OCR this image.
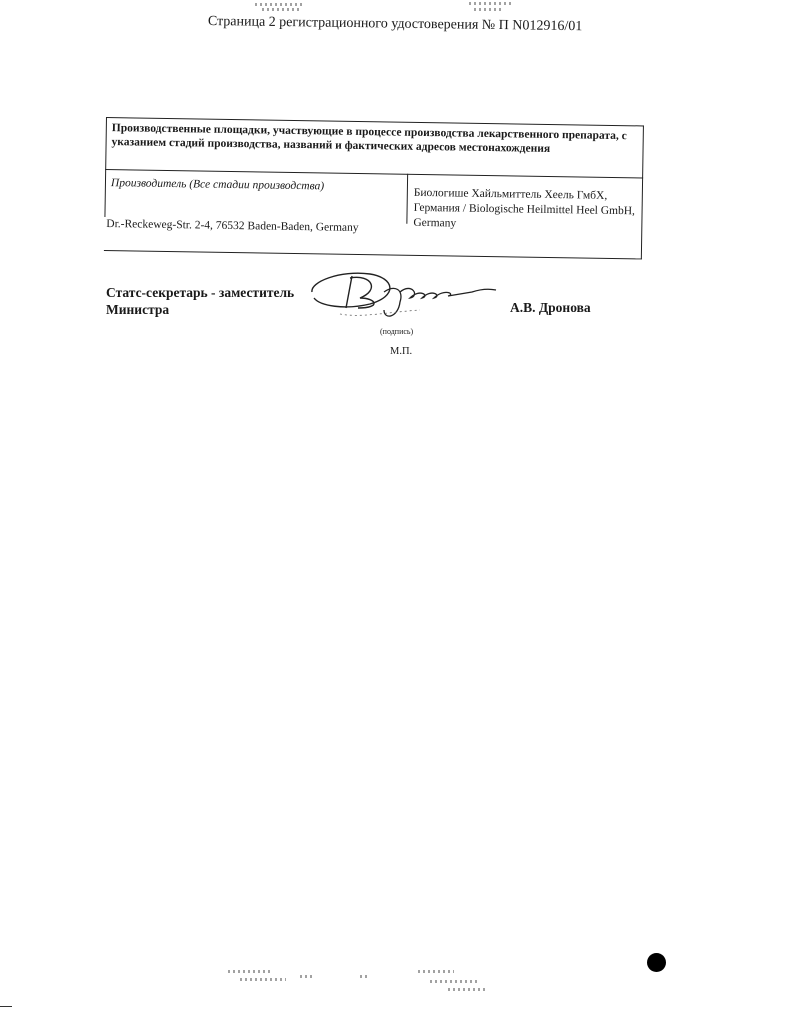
Страница 2 регистрационного удостоверения № П N012916/01
Производственные площадки, участвующие в процессе производства лекарственного препарата, с указанием стадий производства, названий и фактических адресов местонахождения
Производитель (Все стадии производства)
Биологише Хайльмиттель Хеель ГмбХ, Германия / Biologische Heilmittel Heel GmbH, Germany
Dr.-Reckeweg-Str. 2-4, 76532 Baden-Baden, Germany
Статс-секретарь - заместитель
Министра	А.В. Дронова
(подпись)
М.П.
